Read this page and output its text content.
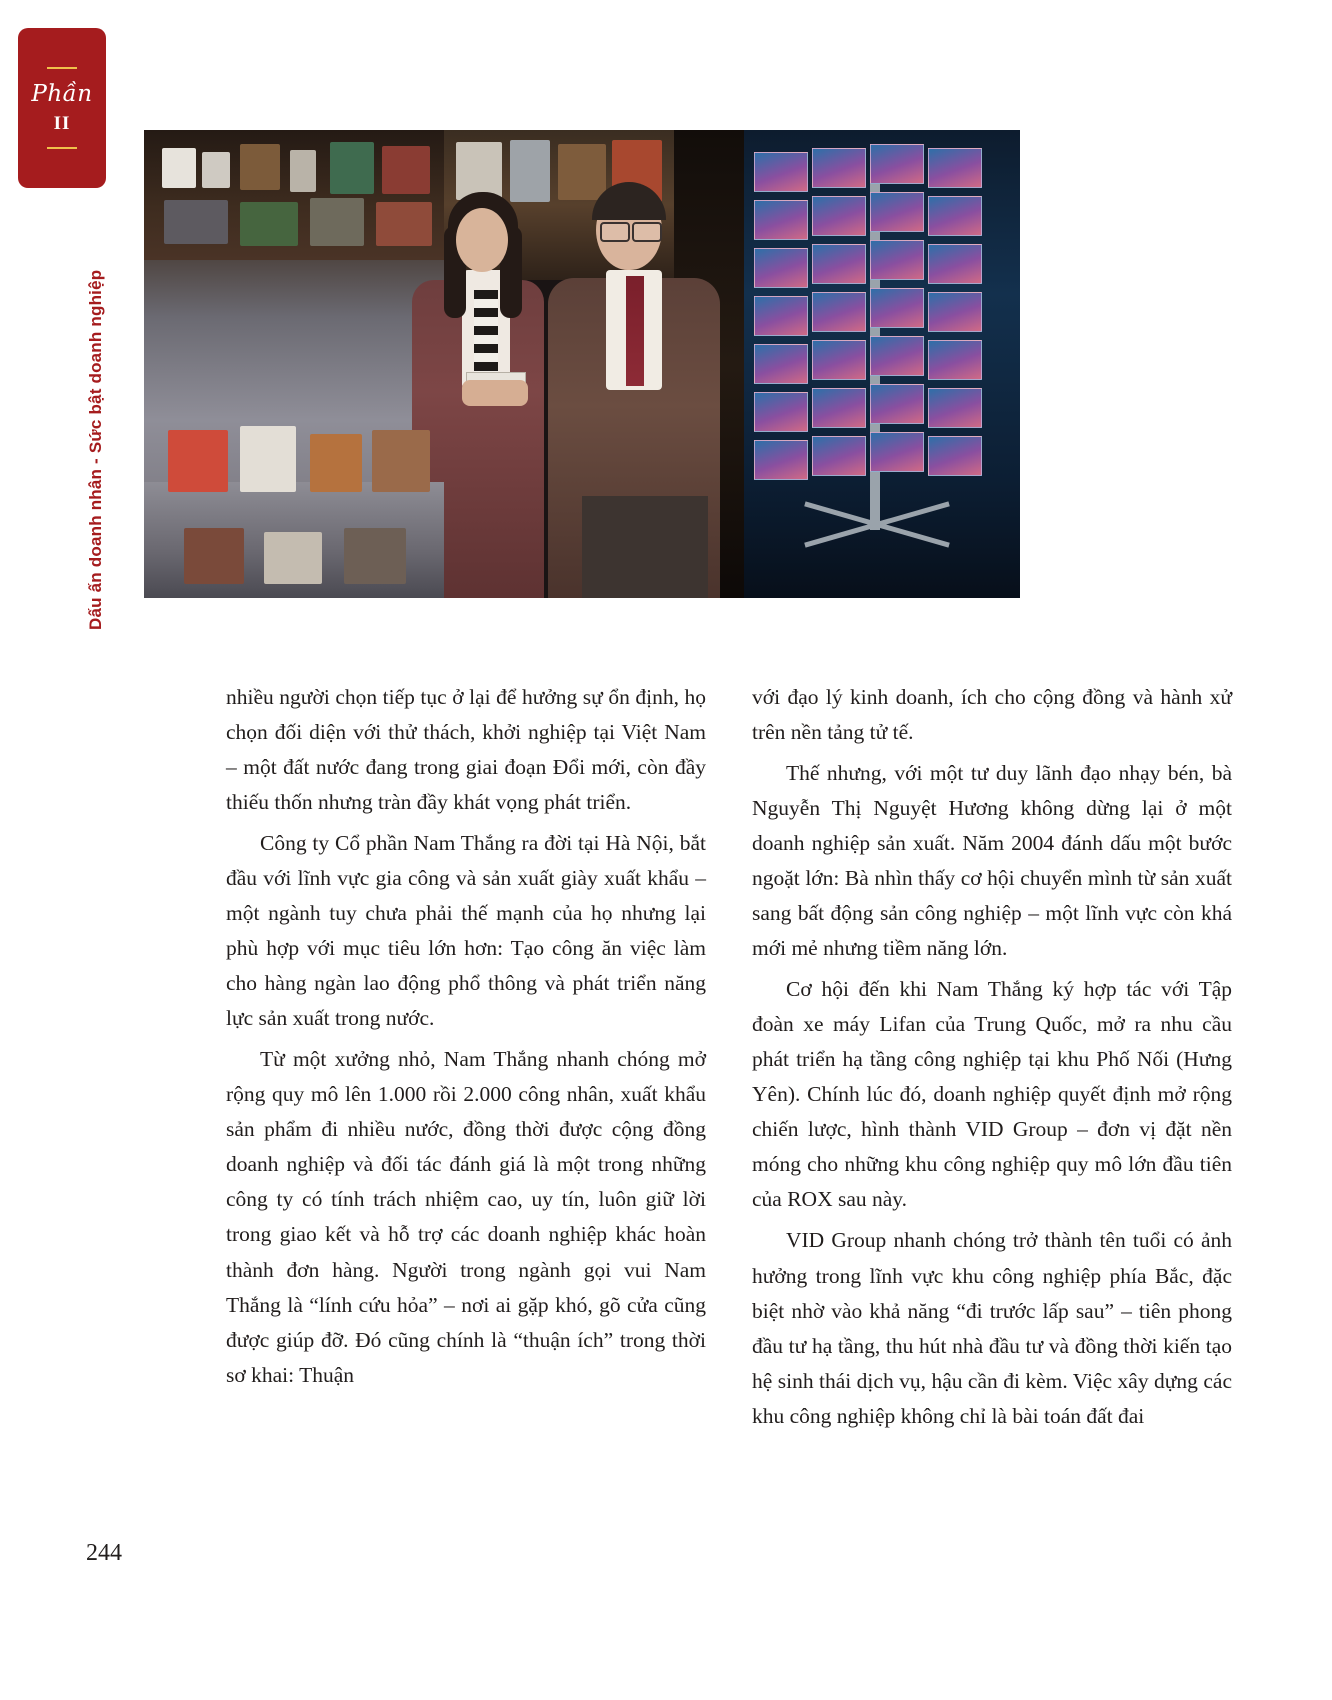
Phần
II
Dấu ấn doanh nhân - Sức bật doanh nghiệp

nhiều người chọn tiếp tục ở lại để hưởng sự ổn định, họ chọn đối diện với thử thách, khởi nghiệp tại Việt Nam – một đất nước đang trong giai đoạn Đổi mới, còn đầy thiếu thốn nhưng tràn đầy khát vọng phát triển.

Công ty Cổ phần Nam Thắng ra đời tại Hà Nội, bắt đầu với lĩnh vực gia công và sản xuất giày xuất khẩu – một ngành tuy chưa phải thế mạnh của họ nhưng lại phù hợp với mục tiêu lớn hơn: Tạo công ăn việc làm cho hàng ngàn lao động phổ thông và phát triển năng lực sản xuất trong nước.

Từ một xưởng nhỏ, Nam Thắng nhanh chóng mở rộng quy mô lên 1.000 rồi 2.000 công nhân, xuất khẩu sản phẩm đi nhiều nước, đồng thời được cộng đồng doanh nghiệp và đối tác đánh giá là một trong những công ty có tính trách nhiệm cao, uy tín, luôn giữ lời trong giao kết và hỗ trợ các doanh nghiệp khác hoàn thành đơn hàng. Người trong ngành gọi vui Nam Thắng là “lính cứu hỏa” – nơi ai gặp khó, gõ cửa cũng được giúp đỡ. Đó cũng chính là “thuận ích” trong thời sơ khai: Thuận

với đạo lý kinh doanh, ích cho cộng đồng và hành xử trên nền tảng tử tế.

Thế nhưng, với một tư duy lãnh đạo nhạy bén, bà Nguyễn Thị Nguyệt Hương không dừng lại ở một doanh nghiệp sản xuất. Năm 2004 đánh dấu một bước ngoặt lớn: Bà nhìn thấy cơ hội chuyển mình từ sản xuất sang bất động sản công nghiệp – một lĩnh vực còn khá mới mẻ nhưng tiềm năng lớn.

Cơ hội đến khi Nam Thắng ký hợp tác với Tập đoàn xe máy Lifan của Trung Quốc, mở ra nhu cầu phát triển hạ tầng công nghiệp tại khu Phố Nối (Hưng Yên). Chính lúc đó, doanh nghiệp quyết định mở rộng chiến lược, hình thành VID Group – đơn vị đặt nền móng cho những khu công nghiệp quy mô lớn đầu tiên của ROX sau này.

VID Group nhanh chóng trở thành tên tuổi có ảnh hưởng trong lĩnh vực khu công nghiệp phía Bắc, đặc biệt nhờ vào khả năng “đi trước lấp sau” – tiên phong đầu tư hạ tầng, thu hút nhà đầu tư và đồng thời kiến tạo hệ sinh thái dịch vụ, hậu cần đi kèm. Việc xây dựng các khu công nghiệp không chỉ là bài toán đất đai

244
